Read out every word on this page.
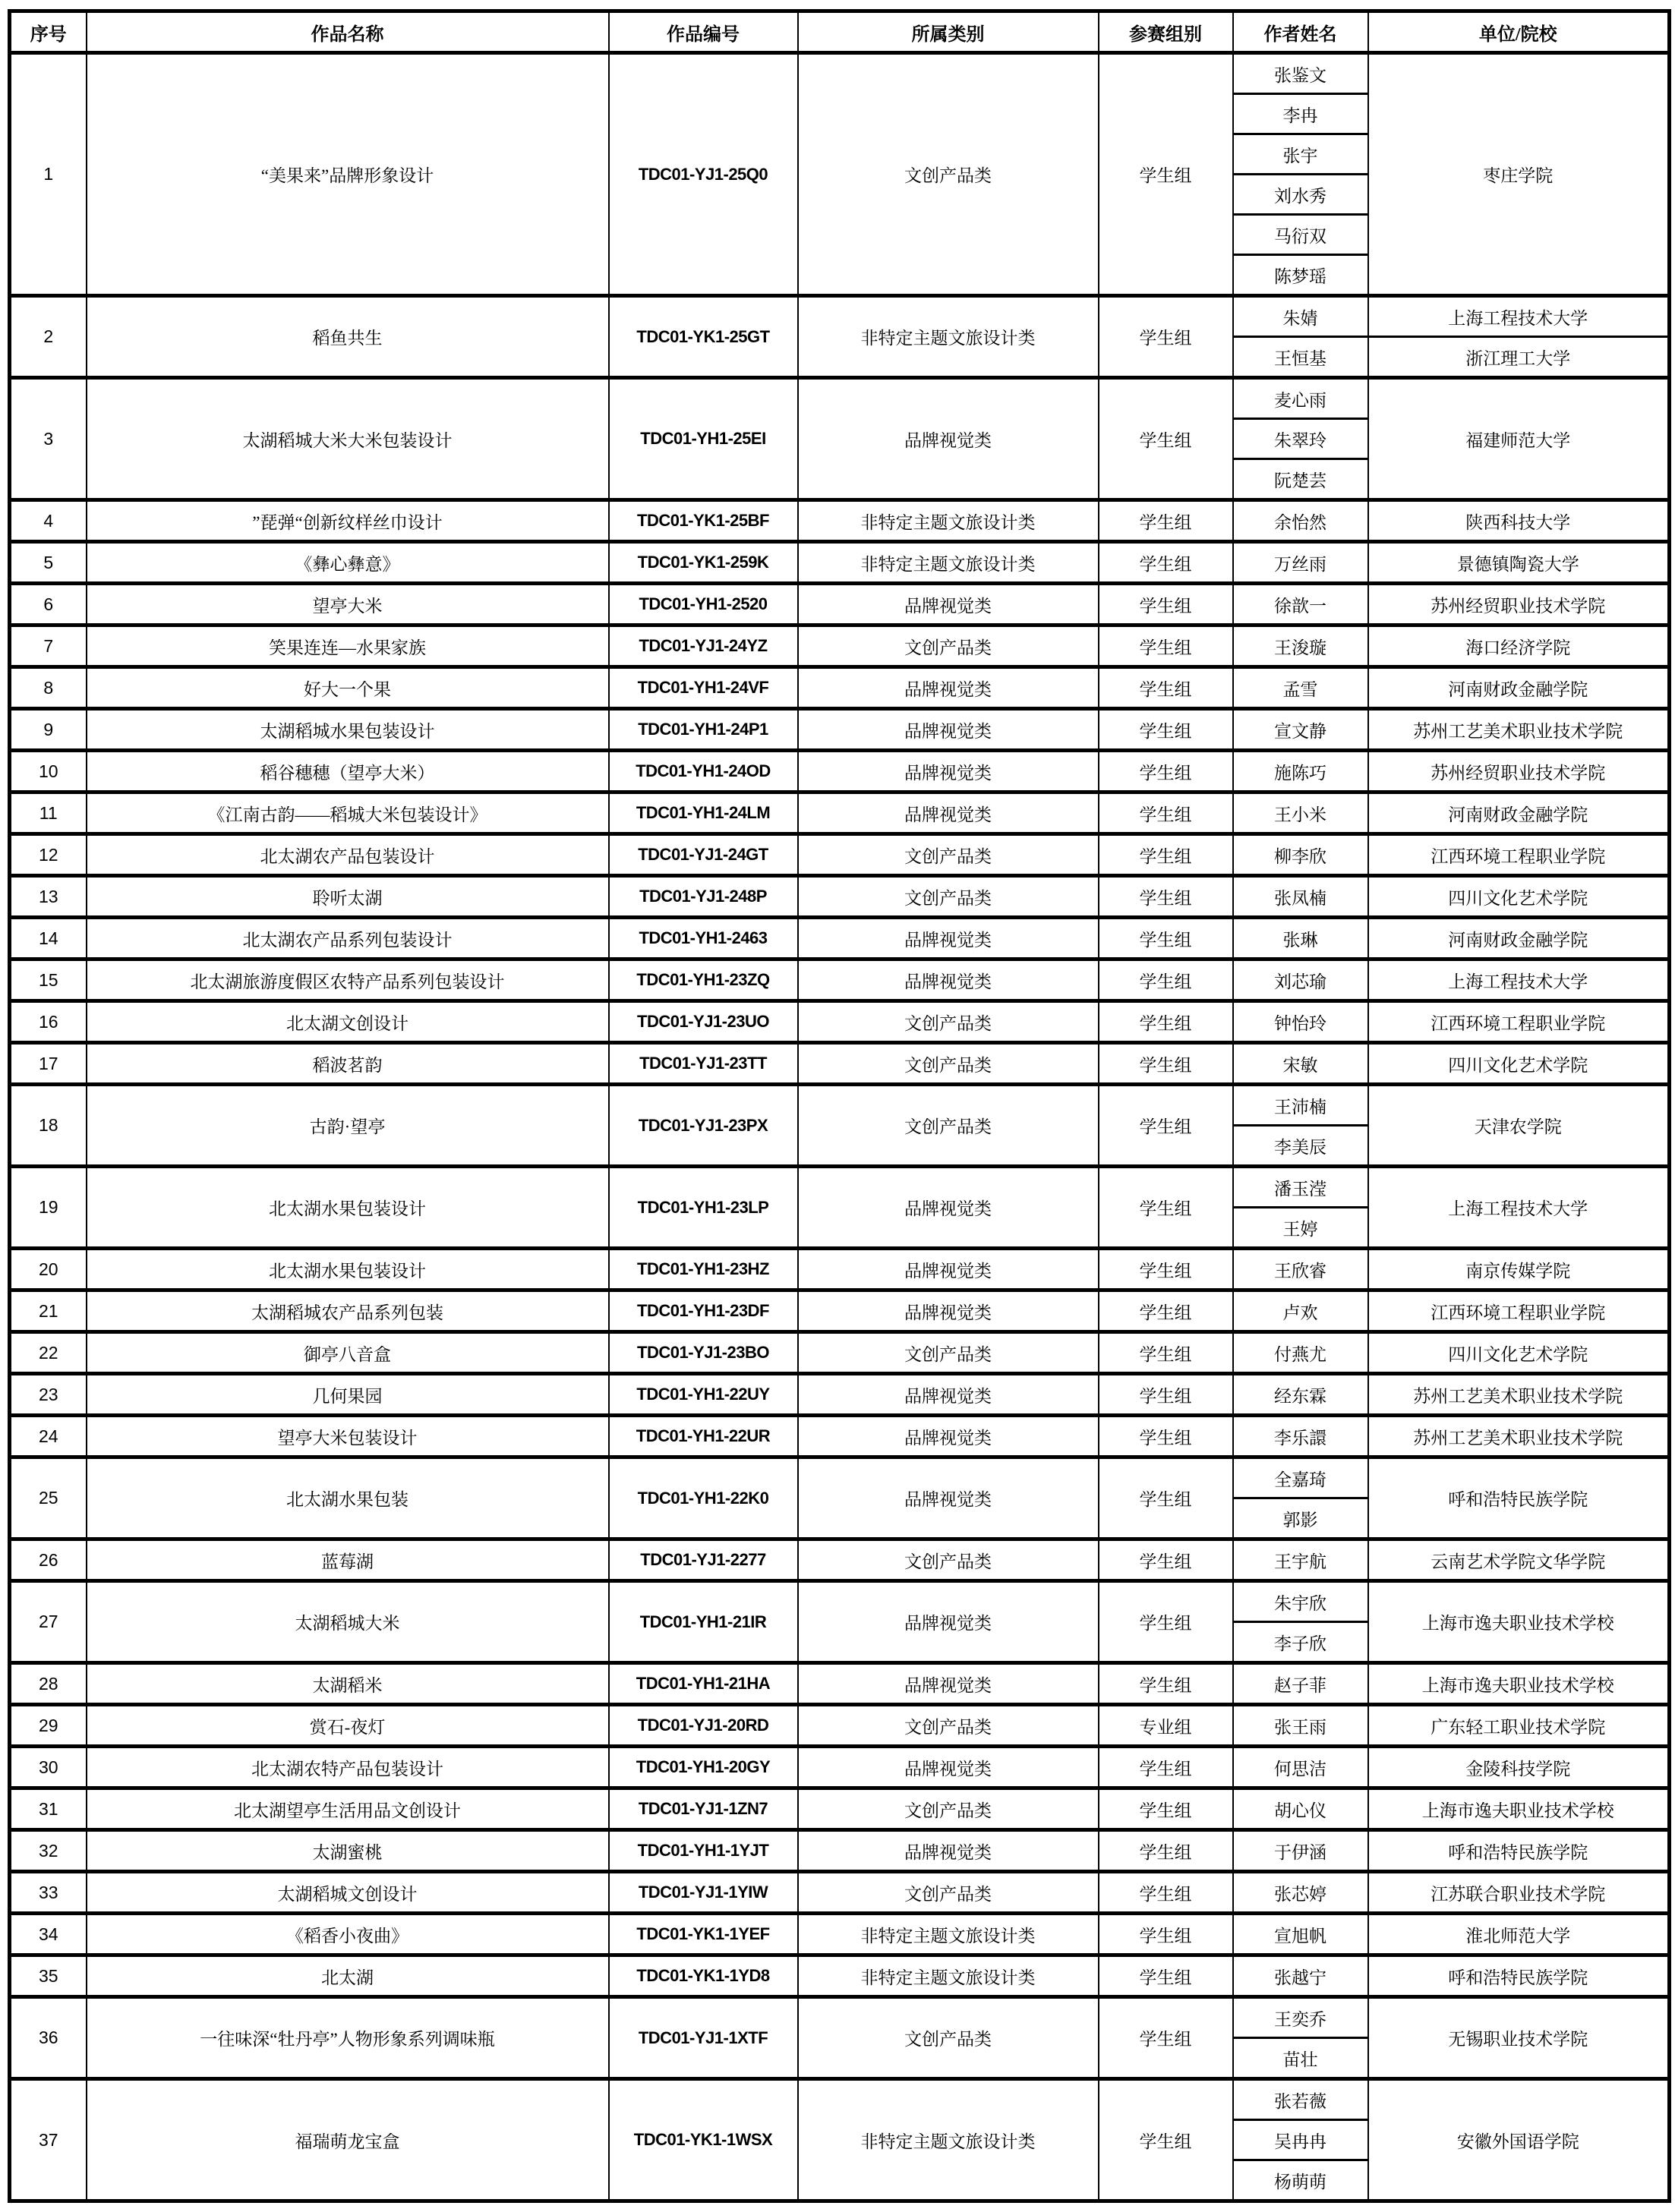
序号	作品名称	作品编号	所属类别	参赛组别	作者姓名	单位/院校
1	“美果来”品牌形象设计	TDC01-YJ1-25Q0	文创产品类	学生组	张鉴文	枣庄学院
					李冉	
					张宇	
					刘水秀	
					马衍双	
					陈梦瑶	
2	稻鱼共生	TDC01-YK1-25GT	非特定主题文旅设计类	学生组	朱婧	上海工程技术大学
					王恒基	浙江理工大学
3	太湖稻城大米大米包装设计	TDC01-YH1-25EI	品牌视觉类	学生组	麦心雨	福建师范大学
					朱翠玲	
					阮楚芸	
4	”琵弹“创新纹样丝巾设计	TDC01-YK1-25BF	非特定主题文旅设计类	学生组	余怡然	陕西科技大学
5	《彝心彝意》	TDC01-YK1-259K	非特定主题文旅设计类	学生组	万丝雨	景德镇陶瓷大学
6	望亭大米	TDC01-YH1-2520	品牌视觉类	学生组	徐歆一	苏州经贸职业技术学院
7	笑果连连—水果家族	TDC01-YJ1-24YZ	文创产品类	学生组	王浚璇	海口经济学院
8	好大一个果	TDC01-YH1-24VF	品牌视觉类	学生组	孟雪	河南财政金融学院
9	太湖稻城水果包装设计	TDC01-YH1-24P1	品牌视觉类	学生组	宣文静	苏州工艺美术职业技术学院
10	稻谷穗穗（望亭大米）	TDC01-YH1-24OD	品牌视觉类	学生组	施陈巧	苏州经贸职业技术学院
11	《江南古韵——稻城大米包装设计》	TDC01-YH1-24LM	品牌视觉类	学生组	王小米	河南财政金融学院
12	北太湖农产品包装设计	TDC01-YJ1-24GT	文创产品类	学生组	柳李欣	江西环境工程职业学院
13	聆听太湖	TDC01-YJ1-248P	文创产品类	学生组	张凤楠	四川文化艺术学院
14	北太湖农产品系列包装设计	TDC01-YH1-2463	品牌视觉类	学生组	张琳	河南财政金融学院
15	北太湖旅游度假区农特产品系列包装设计	TDC01-YH1-23ZQ	品牌视觉类	学生组	刘芯瑜	上海工程技术大学
16	北太湖文创设计	TDC01-YJ1-23UO	文创产品类	学生组	钟怡玲	江西环境工程职业学院
17	稻波茗韵	TDC01-YJ1-23TT	文创产品类	学生组	宋敏	四川文化艺术学院
18	古韵·望亭	TDC01-YJ1-23PX	文创产品类	学生组	王沛楠	天津农学院
					李美辰	
19	北太湖水果包装设计	TDC01-YH1-23LP	品牌视觉类	学生组	潘玉滢	上海工程技术大学
					王婷	
20	北太湖水果包装设计	TDC01-YH1-23HZ	品牌视觉类	学生组	王欣睿	南京传媒学院
21	太湖稻城农产品系列包装	TDC01-YH1-23DF	品牌视觉类	学生组	卢欢	江西环境工程职业学院
22	御亭八音盒	TDC01-YJ1-23BO	文创产品类	学生组	付燕尤	四川文化艺术学院
23	几何果园	TDC01-YH1-22UY	品牌视觉类	学生组	经东霖	苏州工艺美术职业技术学院
24	望亭大米包装设计	TDC01-YH1-22UR	品牌视觉类	学生组	李乐譞	苏州工艺美术职业技术学院
25	北太湖水果包装	TDC01-YH1-22K0	品牌视觉类	学生组	全嘉琦	呼和浩特民族学院
					郭影	
26	蓝莓湖	TDC01-YJ1-2277	文创产品类	学生组	王宇航	云南艺术学院文华学院
27	太湖稻城大米	TDC01-YH1-21IR	品牌视觉类	学生组	朱宇欣	上海市逸夫职业技术学校
					李子欣	
28	太湖稻米	TDC01-YH1-21HA	品牌视觉类	学生组	赵子菲	上海市逸夫职业技术学校
29	赏石-夜灯	TDC01-YJ1-20RD	文创产品类	专业组	张王雨	广东轻工职业技术学院
30	北太湖农特产品包装设计	TDC01-YH1-20GY	品牌视觉类	学生组	何思洁	金陵科技学院
31	北太湖望亭生活用品文创设计	TDC01-YJ1-1ZN7	文创产品类	学生组	胡心仪	上海市逸夫职业技术学校
32	太湖蜜桃	TDC01-YH1-1YJT	品牌视觉类	学生组	于伊涵	呼和浩特民族学院
33	太湖稻城文创设计	TDC01-YJ1-1YIW	文创产品类	学生组	张芯婷	江苏联合职业技术学院
34	《稻香小夜曲》	TDC01-YK1-1YEF	非特定主题文旅设计类	学生组	宣旭帆	淮北师范大学
35	北太湖	TDC01-YK1-1YD8	非特定主题文旅设计类	学生组	张越宁	呼和浩特民族学院
36	一往味深“牡丹亭”人物形象系列调味瓶	TDC01-YJ1-1XTF	文创产品类	学生组	王奕乔	无锡职业技术学院
					苗壮	
37	福瑞萌龙宝盒	TDC01-YK1-1WSX	非特定主题文旅设计类	学生组	张若薇	安徽外国语学院
					吴冉冉	
					杨萌萌	
